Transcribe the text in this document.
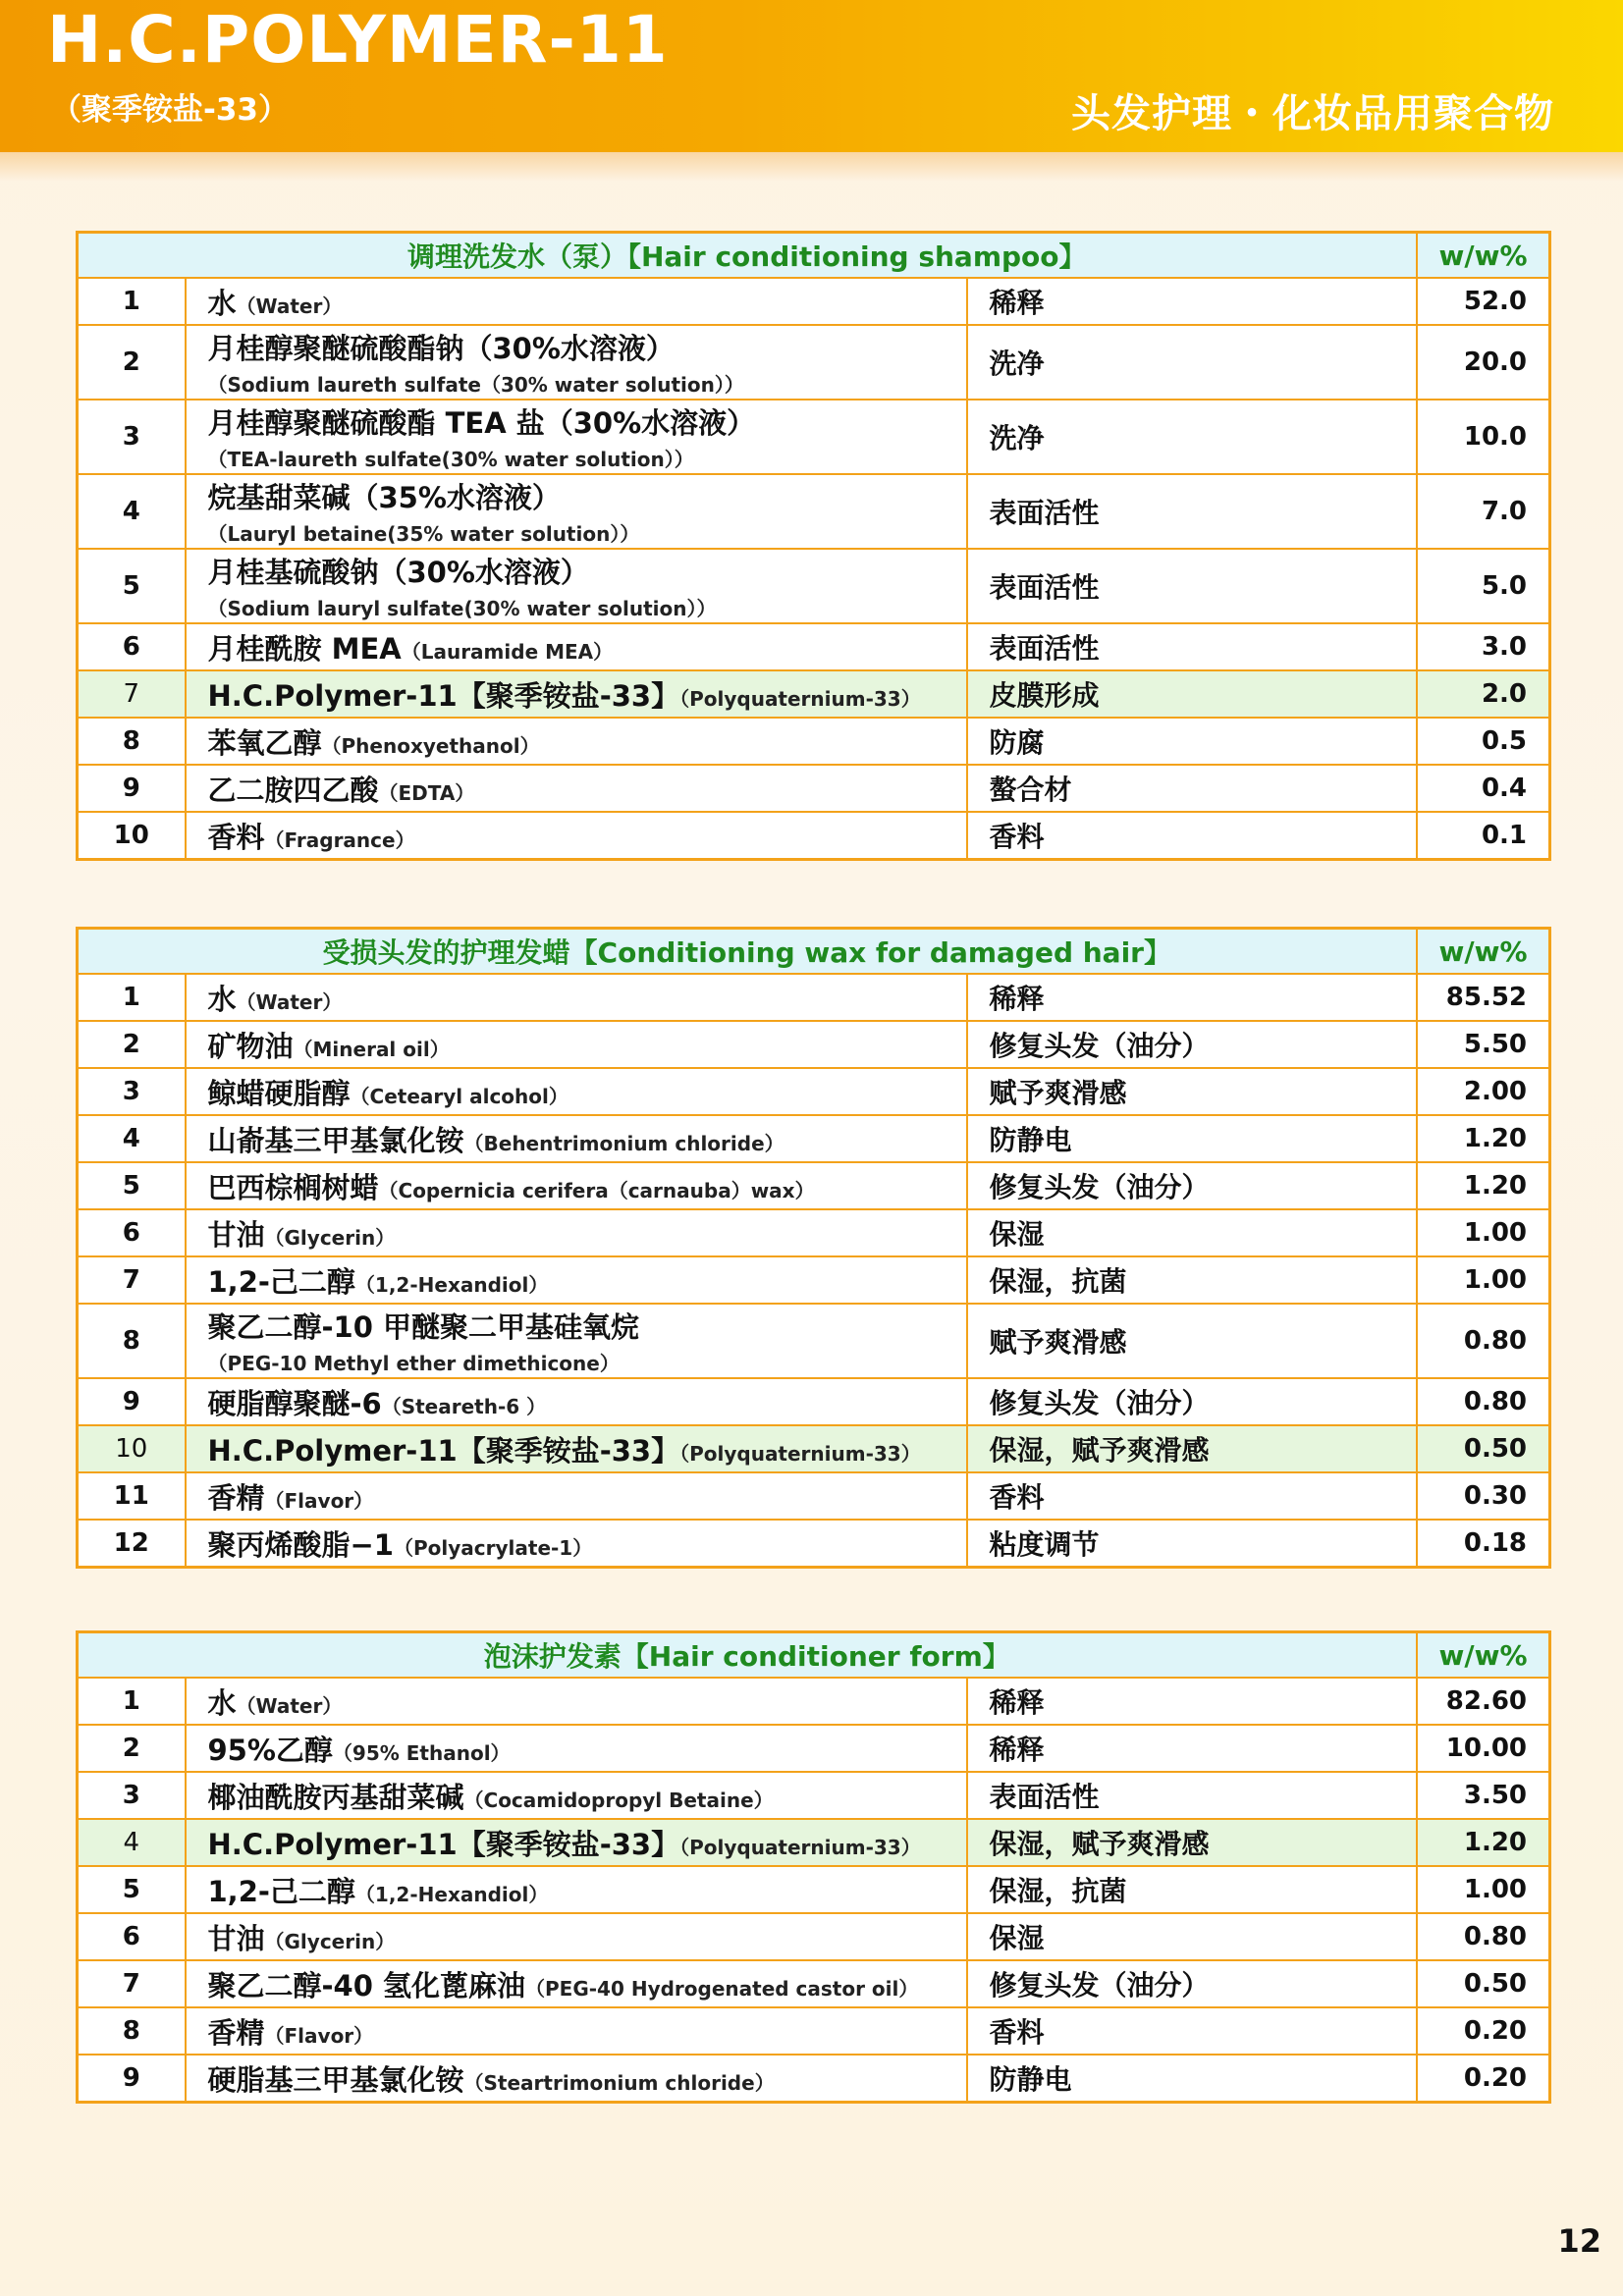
H.C.POLYMER-11
（聚季铵盐-33）	头发护理・化妆品用聚合物
调理洗发水（泵）【Hair conditioning shampoo】			w/w%
1	水（Water）	稀释	52.0
2	月桂醇聚醚硫酸酯钠（30%水溶液）
（Sodium laureth sulfate（30% water solution））	洗净	20.0
3	月桂醇聚醚硫酸酯 TEA 盐（30%水溶液）
（TEA-laureth sulfate(30% water solution））	洗净	10.0
4	烷基甜菜碱（35%水溶液）
（Lauryl betaine(35% water solution））	表面活性	7.0
5	月桂基硫酸钠（30%水溶液）
（Sodium lauryl sulfate(30% water solution））	表面活性	5.0
6	月桂酰胺 MEA（Lauramide MEA）	表面活性	3.0
7	H.C.Polymer-11【聚季铵盐-33】（Polyquaternium-33）	皮膜形成	2.0
8	苯氧乙醇（Phenoxyethanol）	防腐	0.5
9	乙二胺四乙酸（EDTA）	螯合材	0.4
10	香料（Fragrance）	香料	0.1
受损头发的护理发蜡【Conditioning wax for damaged hair】			w/w%
1	水（Water）	稀释	85.52
2	矿物油（Mineral oil）	修复头发（油分）	5.50
3	鲸蜡硬脂醇（Cetearyl alcohol）	赋予爽滑感	2.00
4	山嵛基三甲基氯化铵（Behentrimonium chloride）	防静电	1.20
5	巴西棕榈树蜡（Copernicia cerifera（carnauba）wax）	修复头发（油分）	1.20
6	甘油（Glycerin）	保湿	1.00
7	1,2-己二醇（1,2-Hexandiol）	保湿，抗菌	1.00
8	聚乙二醇-10 甲醚聚二甲基硅氧烷
（PEG-10 Methyl ether dimethicone）	赋予爽滑感	0.80
9	硬脂醇聚醚-6（Steareth-6 ）	修复头发（油分）	0.80
10	H.C.Polymer-11【聚季铵盐-33】（Polyquaternium-33）	保湿，赋予爽滑感	0.50
11	香精（Flavor）	香料	0.30
12	聚丙烯酸脂−1（Polyacrylate-1）	粘度调节	0.18
泡沫护发素【Hair conditioner form】			w/w%
1	水（Water）	稀释	82.60
2	95%乙醇（95% Ethanol）	稀释	10.00
3	椰油酰胺丙基甜菜碱（Cocamidopropyl Betaine）	表面活性	3.50
4	H.C.Polymer-11【聚季铵盐-33】（Polyquaternium-33）	保湿，赋予爽滑感	1.20
5	1,2-己二醇（1,2-Hexandiol）	保湿，抗菌	1.00
6	甘油（Glycerin）	保湿	0.80
7	聚乙二醇-40 氢化蓖麻油（PEG-40 Hydrogenated castor oil）	修复头发（油分）	0.50
8	香精（Flavor）	香料	0.20
9	硬脂基三甲基氯化铵（Steartrimonium chloride）	防静电	0.20
12
